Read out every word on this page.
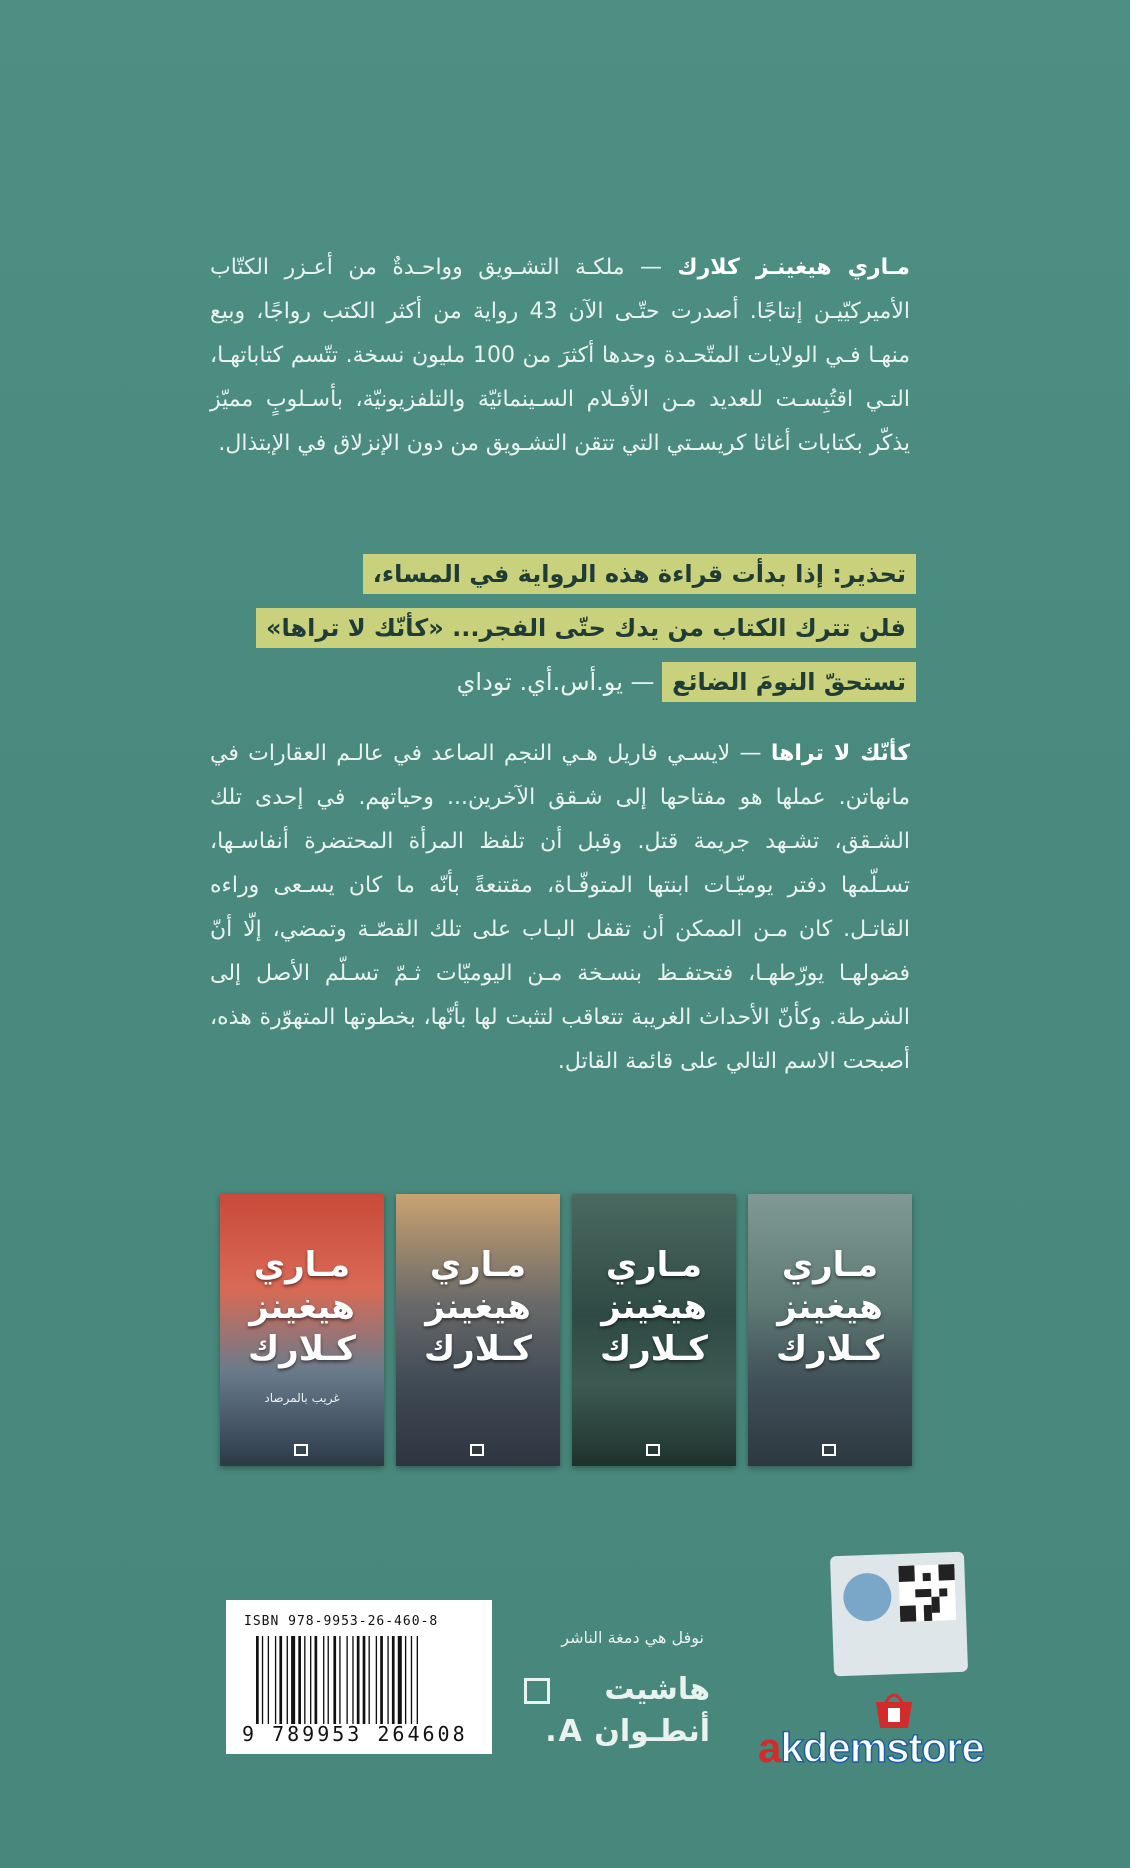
مـاري هيغينـز كلارك — ملكـة التشـويق وواحـدةٌ من أعـزر الكتّاب الأميركيّيـن إنتاجًا. أصدرت حتّـى الآن 43 رواية من أكثر الكتب رواجًا، وبيع منهـا فـي الولايات المتّحـدة وحدها أكثرَ من 100 مليون نسخة. تتّسم كتاباتهـا، التـي اقتُبِسـت للعديد مـن الأفـلام السـينمائيّة والتلفزيونيّة، بأسـلوبٍ مميّز يذكّر بكتابات أغاثا كريسـتي التي تتقن التشـويق من دون الإنزلاق في الإبتذال.
تحذير: إذا بدأت قراءة هذه الرواية في المساء،
فلن تترك الكتاب من يدك حتّى الفجر... «كأنّك لا تراها»
تستحقّ النومَ الضائع — يو.أس.أي. توداي
كأنّك لا تراها — لايسـي فاريل هـي النجم الصاعد في عالـم العقارات في مانهاتن. عملها هو مفتاحها إلى شـقق الآخرين... وحياتهم. في إحدى تلك الشـقق، تشـهد جريمة قتل. وقبل أن تلفظ المرأة المحتضرة أنفاسـها، تسـلّمها دفتر يوميّـات ابنتها المتوفّـاة، مقتنعةً بأنّه ما كان يسـعى وراءه القاتـل. كان مـن الممكن أن تقفل البـاب على تلك القصّـة وتمضي، إلّا أنّ فضولهـا يورّطهـا، فتحتفـظ بنسـخة مـن اليوميّات ثـمّ تسـلّم الأصل إلى الشرطة. وكأنّ الأحداث الغريبة تتعاقب لتثبت لها بأنّها، بخطوتها المتهوّرة هذه، أصبحت الاسم التالي على قائمة القاتل.
مـاري
هيغينز
كـلارك
غريب بالمرصاد
مـاري
هيغينز
كـلارك
مـاري
هيغينز
كـلارك
مـاري
هيغينز
كـلارك
ISBN 978-9953-26-460-8
9 789953 264608
نوفل هي دمغة الناشر
هاشيت
أنطـوان A. akdemstore
